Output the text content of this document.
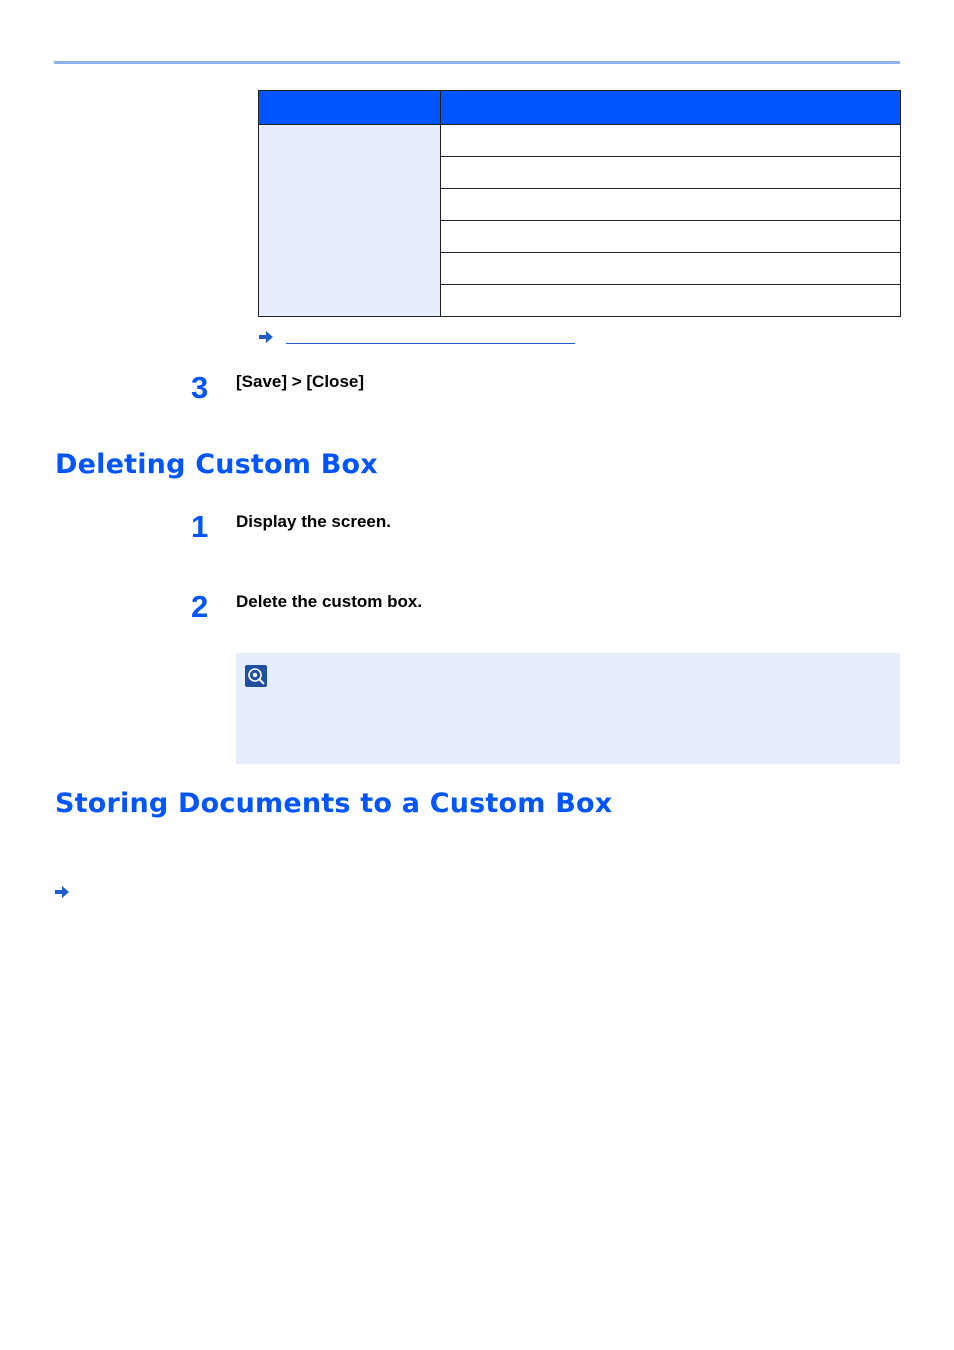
3 [Save] > [Close]
Deleting Custom Box
1 Display the screen.
2 Delete the custom box.
Storing Documents to a Custom Box
